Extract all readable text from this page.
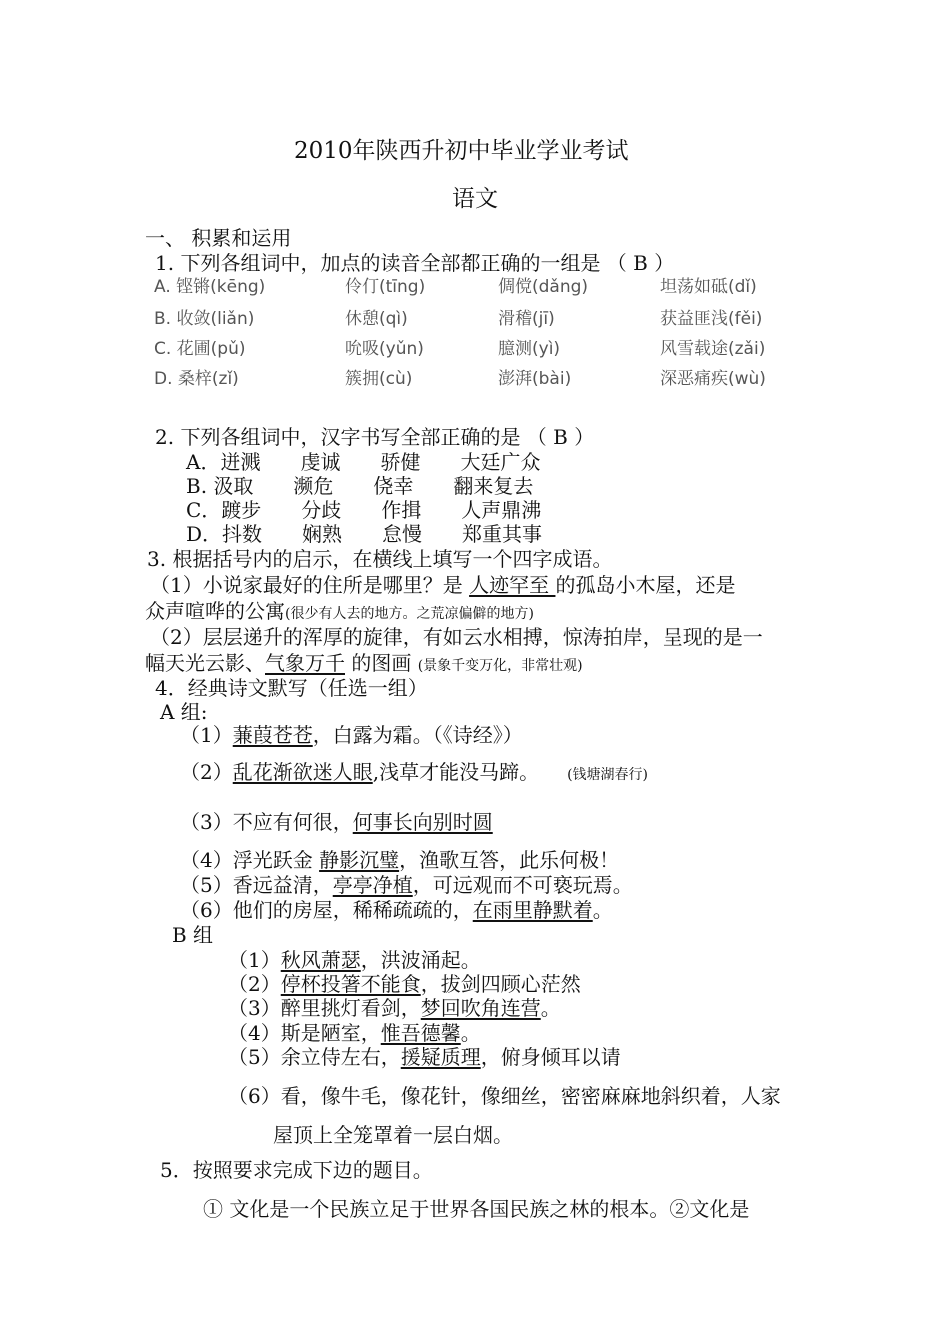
2010年陕西升初中毕业学业考试
语文
一、 积累和运用
1. 下列各组词中，加点的读音全部都正确的一组是 （ B ）
A. 铿锵(kēng)	伶仃(tīng)	倜傥(dǎng)	坦荡如砥(dǐ)
B. 收敛(liǎn)	休憩(qì)	滑稽(jī)	获益匪浅(fěi)
C. 花圃(pǔ)	吮吸(yǔn)	臆测(yì)	风雪载途(zǎi)
D. 桑梓(zǐ)	簇拥(cù)	澎湃(bài)	深恶痛疾(wù)
2. 下列各组词中，汉字书写全部正确的是 （ B ）
A．迸溅　　虔诚　　骄健　　大廷广众
B. 汲取　　濒危　　侥幸　　翻来复去
C．踱步　　分歧　　作揖　　人声鼎沸
D．抖数　　娴熟　　怠慢　　郑重其事
3. 根据括号内的启示，在横线上填写一个四字成语。
（1）小说家最好的住所是哪里？是 人迹罕至 的孤岛小木屋，还是
众声喧哗的公寓(很少有人去的地方。之荒凉偏僻的地方)
（2）层层递升的浑厚的旋律，有如云水相搏，惊涛拍岸，呈现的是一
幅天光云影、气象万千 的图画 (景象千变万化，非常壮观)
4．经典诗文默写（任选一组）
A 组:
（1）蒹葭苍苍，白露为霜。（《诗经》）
（2）乱花渐欲迷人眼,浅草才能没马蹄。 (钱塘湖春行)
（3）不应有何很，何事长向别时圆
（4）浮光跃金 静影沉璧，渔歌互答，此乐何极！
（5）香远益清，亭亭净植，可远观而不可亵玩焉。
（6）他们的房屋，稀稀疏疏的，在雨里静默着。
B 组
（1）秋风萧瑟，洪波涌起。
（2）停杯投箸不能食，拔剑四顾心茫然
（3）醉里挑灯看剑，梦回吹角连营。
（4）斯是陋室，惟吾德馨。
（5）余立侍左右，援疑质理，俯身倾耳以请
（6）看，像牛毛，像花针，像细丝，密密麻麻地斜织着，人家
屋顶上全笼罩着一层白烟。
5．按照要求完成下边的题目。
① 文化是一个民族立足于世界各国民族之林的根本。②文化是
